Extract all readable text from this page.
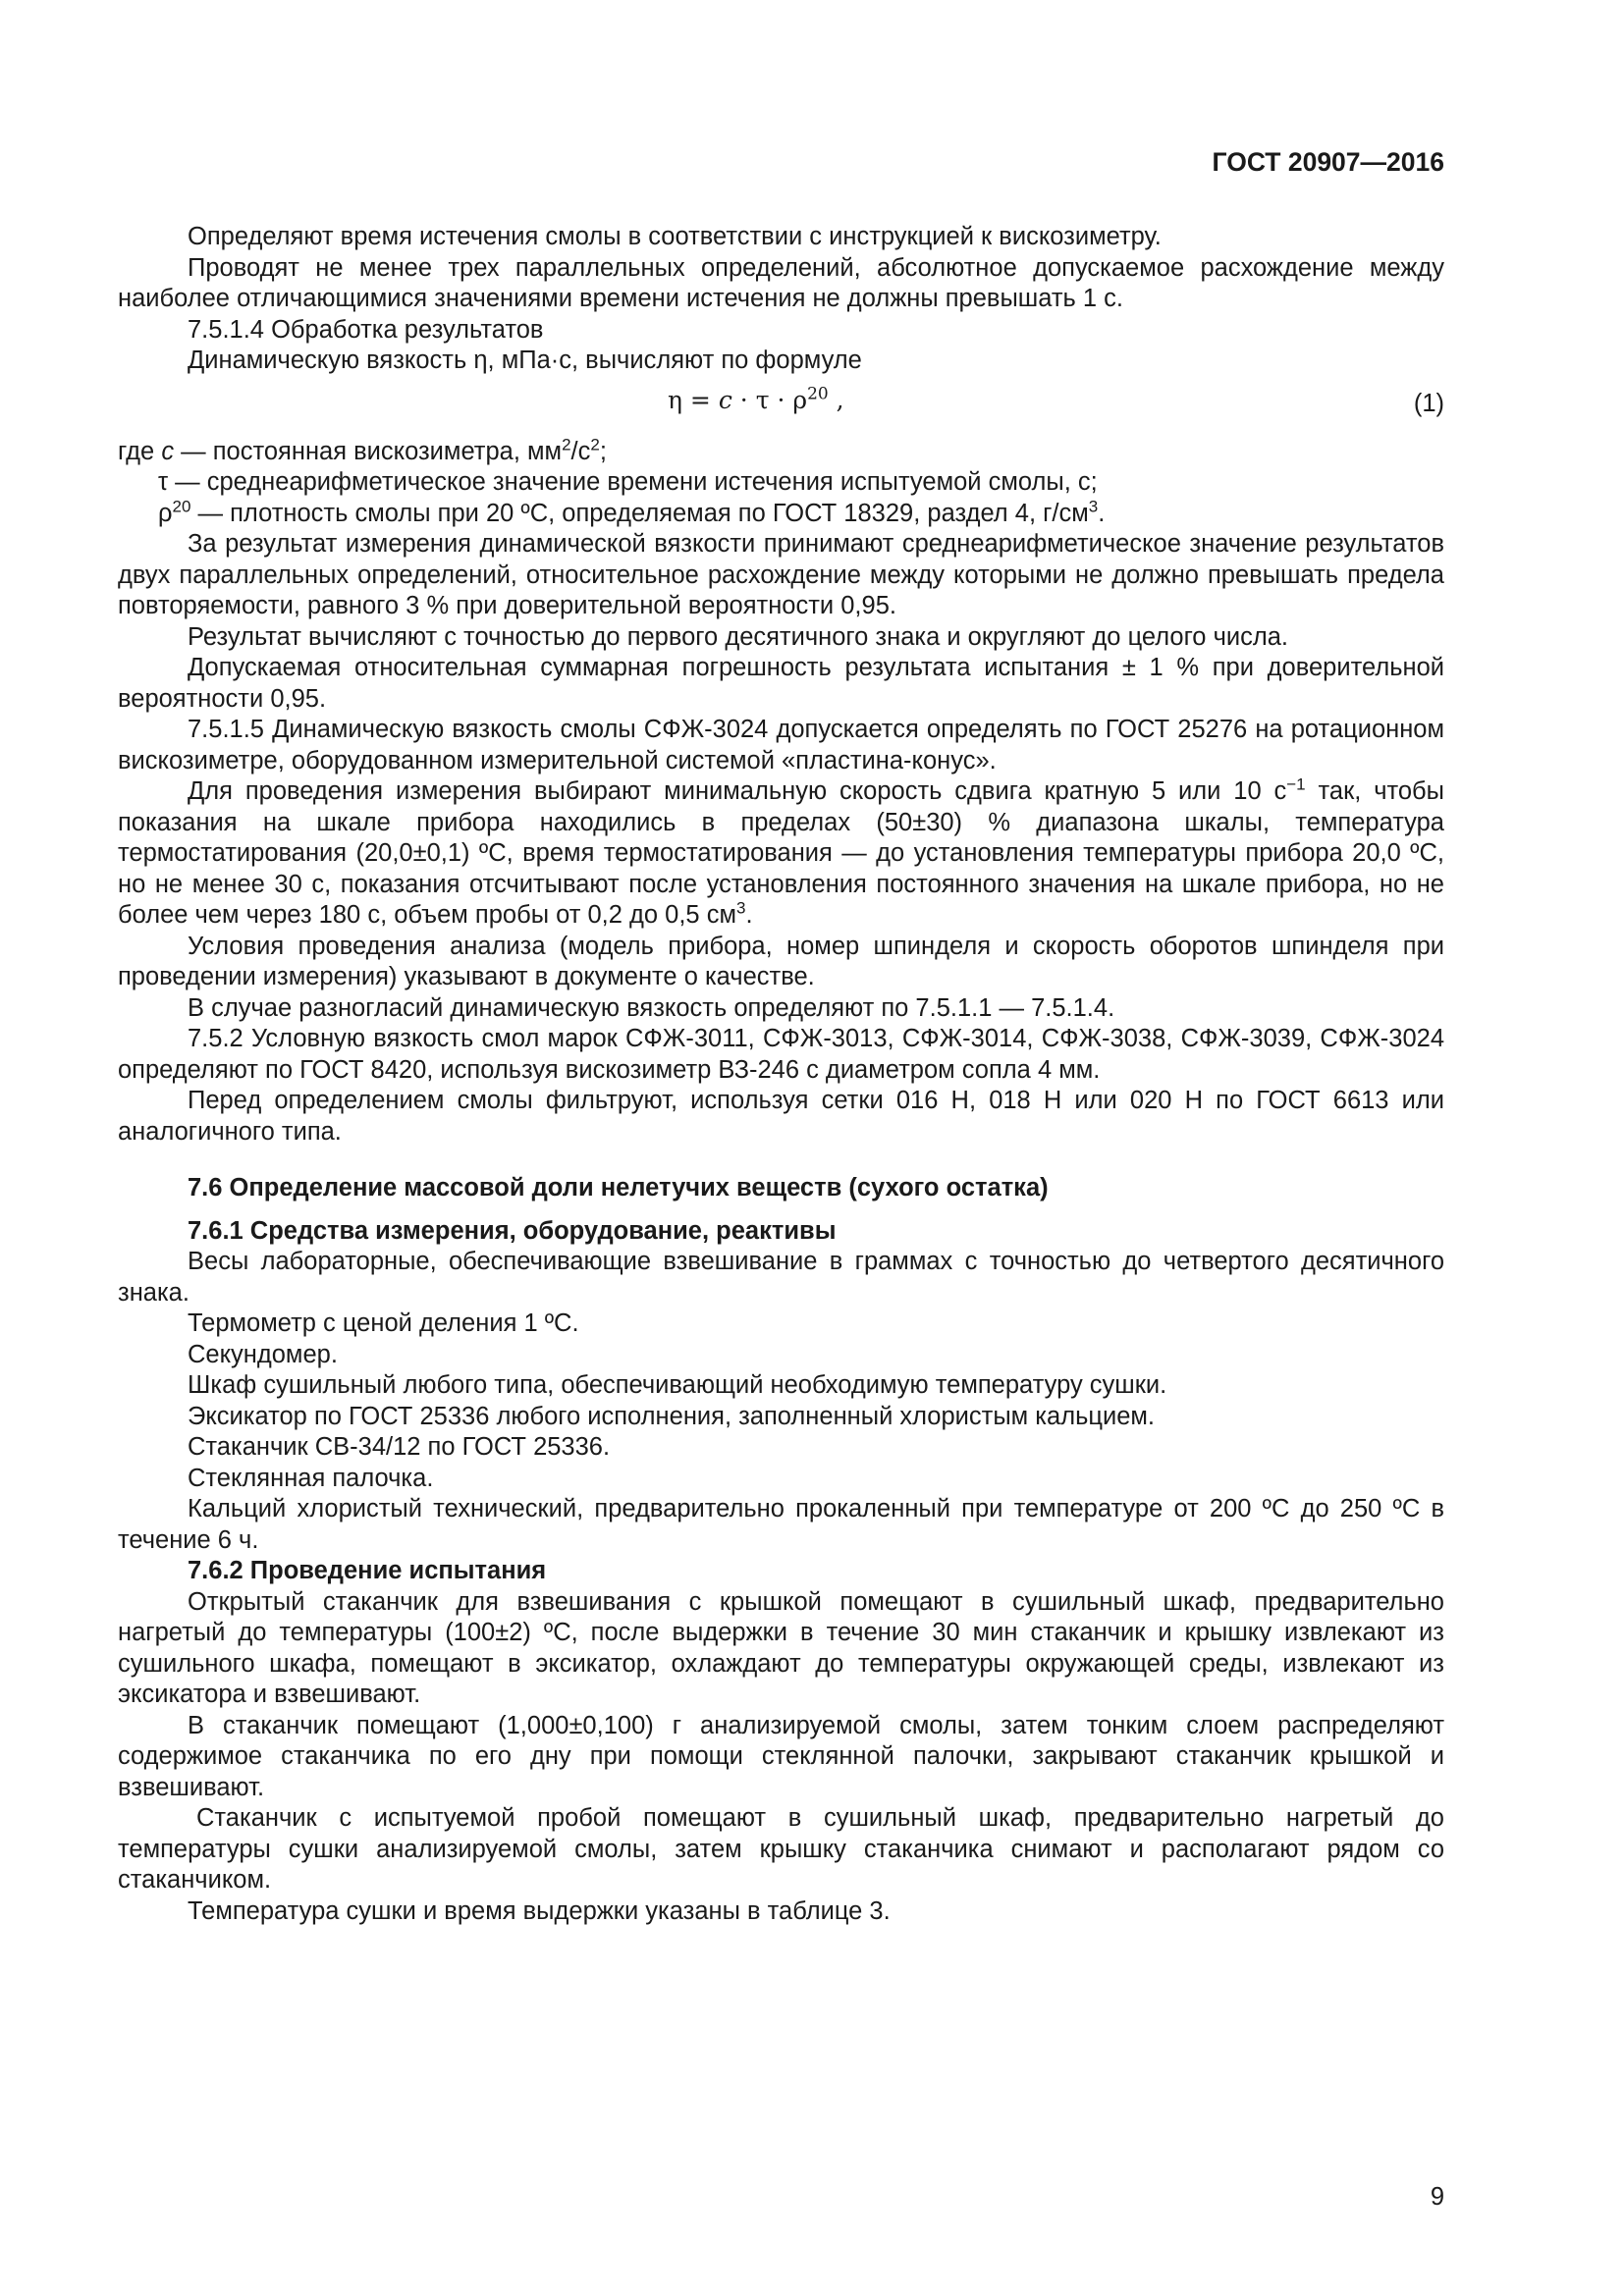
ГОСТ 20907—2016

Определяют время истечения смолы в соответствии с инструкцией к вискозиметру.

Проводят не менее трех параллельных определений, абсолютное допускаемое расхождение между наиболее отличающимися значениями времени истечения не должны превышать 1 с.

7.5.1.4 Обработка результатов

Динамическую вязкость η, мПа·с, вычисляют по формуле

$\eta = c \cdot \tau \cdot \rho^{20}$ ,	(1)

где c — постоянная вискозиметра, $мм^2/с^2$;

τ — среднеарифметическое значение времени истечения испытуемой смолы, с;

$\rho^{20}$ — плотность смолы при 20 ºС, определяемая по ГОСТ 18329, раздел 4, $г/см^3$.

За результат измерения динамической вязкости принимают среднеарифметическое значение результатов двух параллельных определений, относительное расхождение между которыми не должно превышать предела повторяемости, равного 3 % при доверительной вероятности 0,95.

Результат вычисляют с точностью до первого десятичного знака и округляют до целого числа.

Допускаемая относительная суммарная погрешность результата испытания ± 1 % при доверительной вероятности 0,95.

7.5.1.5 Динамическую вязкость смолы СФЖ-3024 допускается определять по ГОСТ 25276 на ротационном вискозиметре, оборудованном измерительной системой «пластина-конус».

Для проведения измерения выбирают минимальную скорость сдвига кратную 5 или 10 $с^{-1}$ так, чтобы показания на шкале прибора находились в пределах (50±30) % диапазона шкалы, температура термостатирования (20,0±0,1) ºС, время термостатирования — до установления температуры прибора 20,0 ºС, но не менее 30 с, показания отсчитывают после установления постоянного значения на шкале прибора, но не более чем через 180 с, объем пробы от 0,2 до 0,5 $см^3$.

Условия проведения анализа (модель прибора, номер шпинделя и скорость оборотов шпинделя при проведении измерения) указывают в документе о качестве.

В случае разногласий динамическую вязкость определяют по 7.5.1.1 — 7.5.1.4.

7.5.2 Условную вязкость смол марок СФЖ-3011, СФЖ-3013, СФЖ-3014, СФЖ-3038, СФЖ-3039, СФЖ-3024 определяют по ГОСТ 8420, используя вискозиметр ВЗ-246 с диаметром сопла 4 мм.

Перед определением смолы фильтруют, используя сетки 016 Н, 018 Н или 020 Н по ГОСТ 6613 или аналогичного типа.

7.6 Определение массовой доли нелетучих веществ (сухого остатка)

7.6.1 Средства измерения, оборудование, реактивы

Весы лабораторные, обеспечивающие взвешивание в граммах с точностью до четвертого десятичного знака.

Термометр с ценой деления 1 ºС.

Секундомер.

Шкаф сушильный любого типа, обеспечивающий необходимую температуру сушки.

Эксикатор по ГОСТ 25336 любого исполнения, заполненный хлористым кальцием.

Стаканчик СВ-34/12 по ГОСТ 25336.

Стеклянная палочка.

Кальций хлористый технический, предварительно прокаленный при температуре от 200 ºС до 250 ºС в течение 6 ч.

7.6.2 Проведение испытания

Открытый стаканчик для взвешивания с крышкой помещают в сушильный шкаф, предварительно нагретый до температуры (100±2) ºС, после выдержки в течение 30 мин стаканчик и крышку извлекают из сушильного шкафа, помещают в эксикатор, охлаждают до температуры окружающей среды, извлекают из эксикатора и взвешивают.

В стаканчик помещают (1,000±0,100) г анализируемой смолы, затем тонким слоем распределяют содержимое стаканчика по его дну при помощи стеклянной палочки, закрывают стаканчик крышкой и взвешивают.

Стаканчик с испытуемой пробой помещают в сушильный шкаф, предварительно нагретый до температуры сушки анализируемой смолы, затем крышку стаканчика снимают и располагают рядом со стаканчиком.

Температура сушки и время выдержки указаны в таблице 3.

9
